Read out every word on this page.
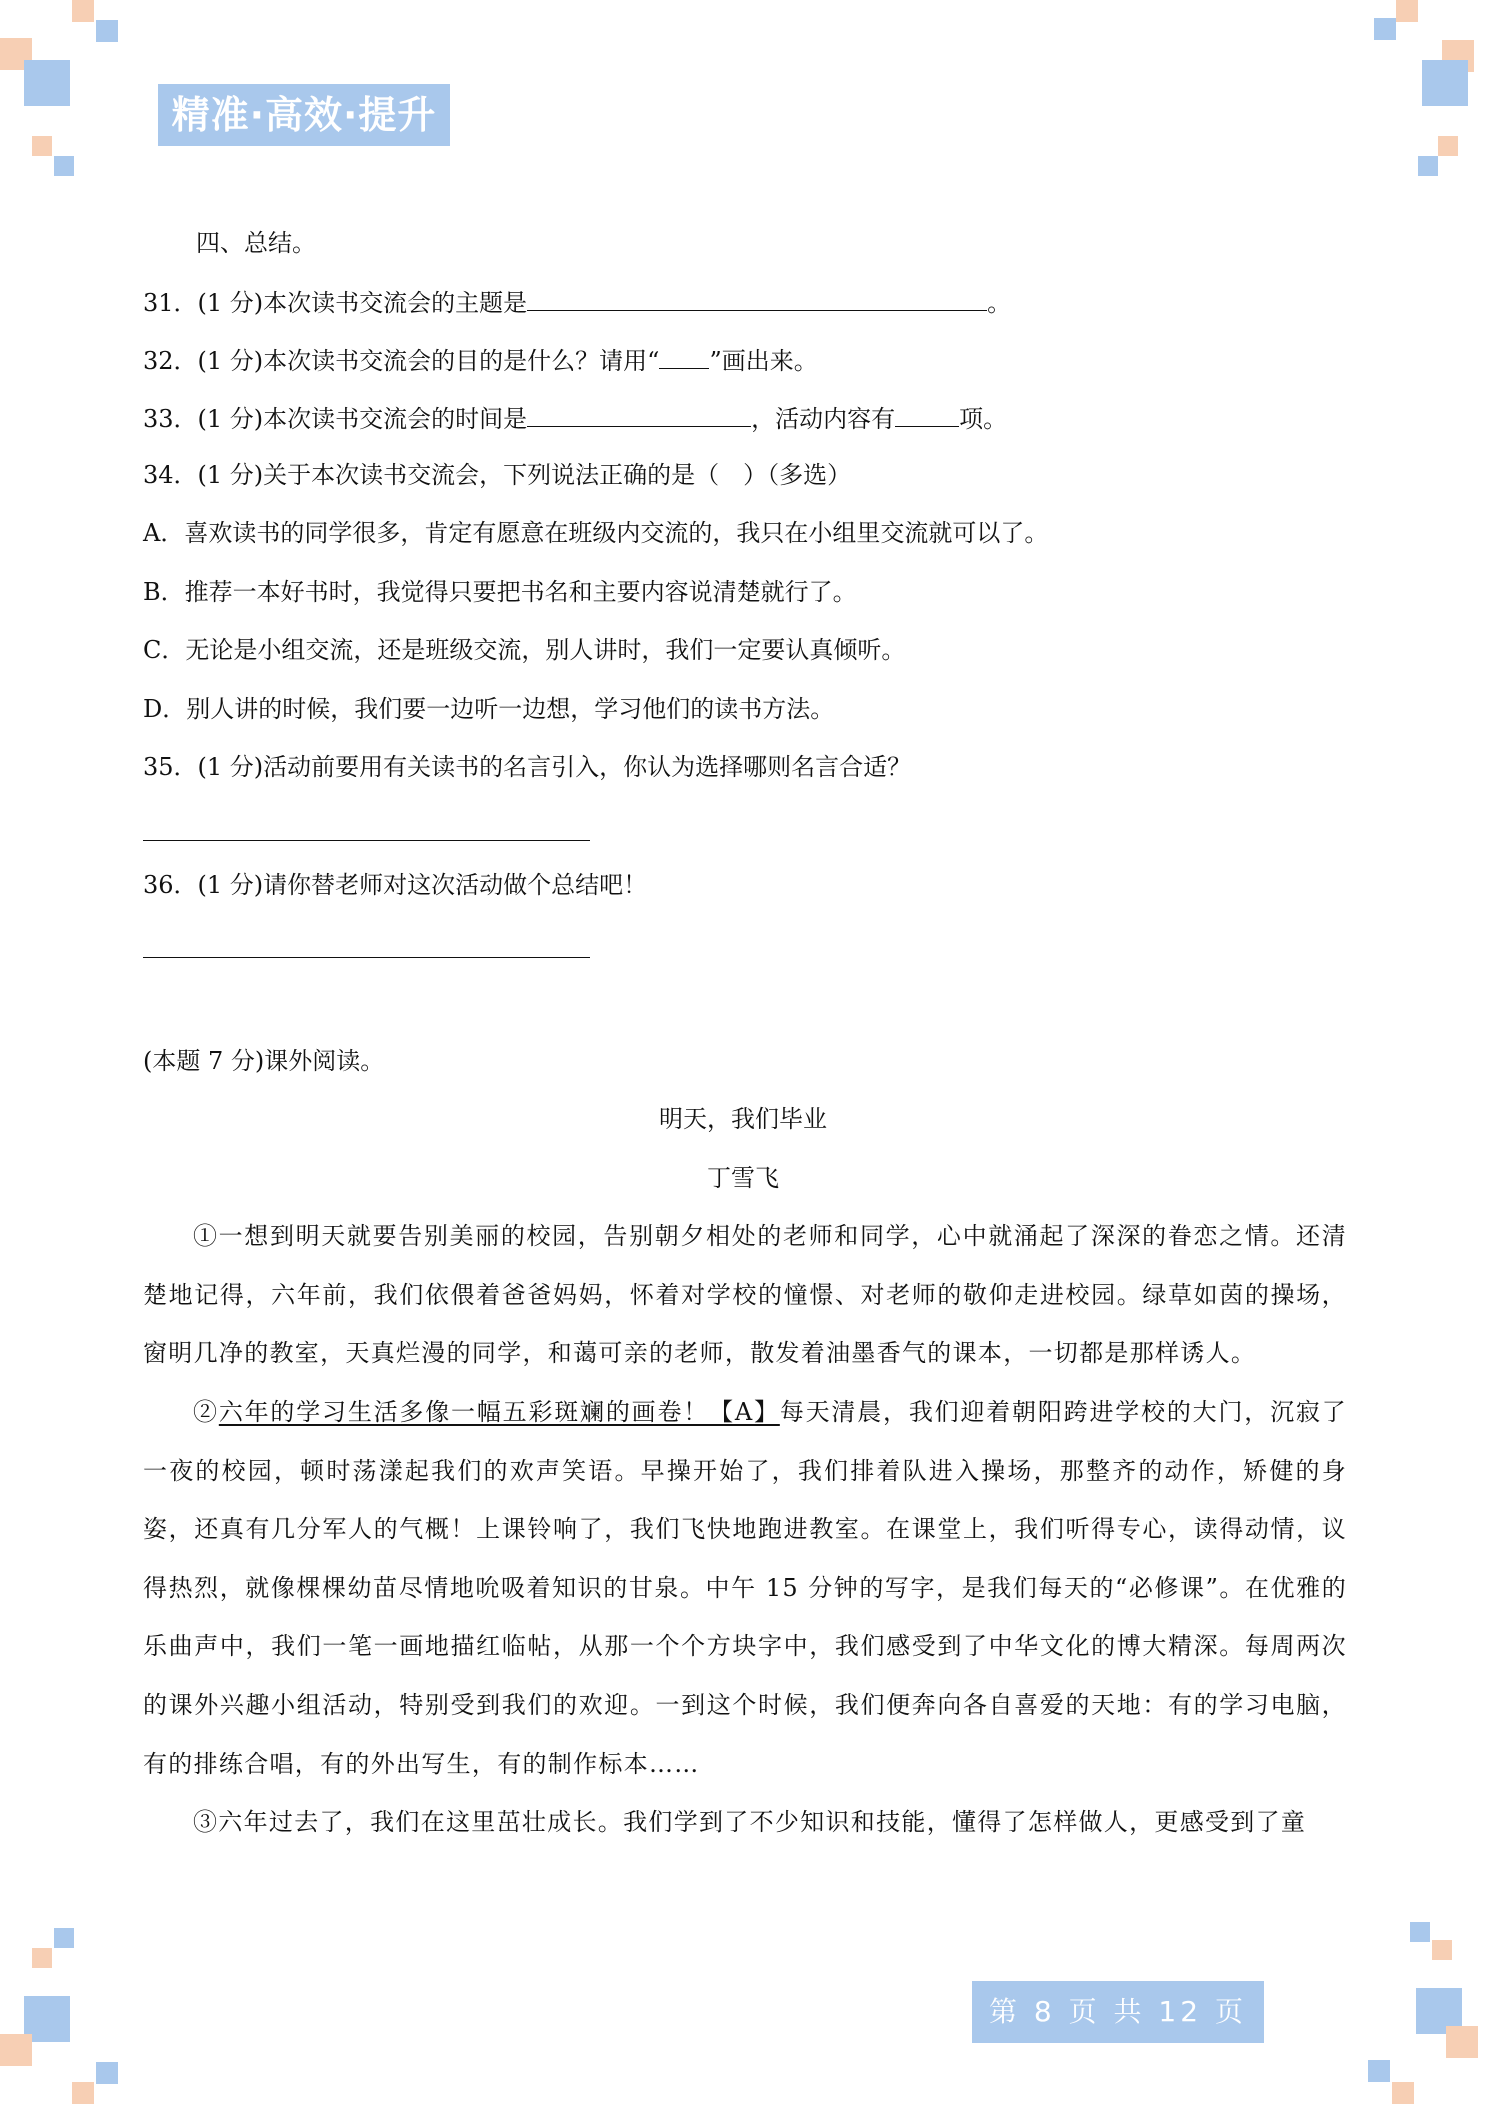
精准·高效·提升
四、总结。
31．(1 分)本次读书交流会的主题是	。
32．(1 分)本次读书交流会的目的是什么？请用“ ”画出来。
33．(1 分)本次读书交流会的时间是	，活动内容有	项。
34．(1 分)关于本次读书交流会，下列说法正确的是（　）（多选）
A．喜欢读书的同学很多，肯定有愿意在班级内交流的，我只在小组里交流就可以了。
B．推荐一本好书时，我觉得只要把书名和主要内容说清楚就行了。
C．无论是小组交流，还是班级交流，别人讲时，我们一定要认真倾听。
D．别人讲的时候，我们要一边听一边想，学习他们的读书方法。
35．(1 分)活动前要用有关读书的名言引入，你认为选择哪则名言合适？
36．(1 分)请你替老师对这次活动做个总结吧！
(本题 7 分)课外阅读。
明天，我们毕业
丁雪飞
①一想到明天就要告别美丽的校园，告别朝夕相处的老师和同学，心中就涌起了深深的眷恋之情。还清楚地记得，六年前，我们依偎着爸爸妈妈，怀着对学校的憧憬、对老师的敬仰走进校园。绿草如茵的操场，窗明几净的教室，天真烂漫的同学，和蔼可亲的老师，散发着油墨香气的课本，一切都是那样诱人。
②六年的学习生活多像一幅五彩斑斓的画卷！【A】每天清晨，我们迎着朝阳跨进学校的大门，沉寂了一夜的校园，顿时荡漾起我们的欢声笑语。早操开始了，我们排着队进入操场，那整齐的动作，矫健的身姿，还真有几分军人的气概！上课铃响了，我们飞快地跑进教室。在课堂上，我们听得专心，读得动情，议得热烈，就像棵棵幼苗尽情地吮吸着知识的甘泉。中午 15 分钟的写字，是我们每天的“必修课”。在优雅的乐曲声中，我们一笔一画地描红临帖，从那一个个方块字中，我们感受到了中华文化的博大精深。每周两次的课外兴趣小组活动，特别受到我们的欢迎。一到这个时候，我们便奔向各自喜爱的天地：有的学习电脑，有的排练合唱，有的外出写生，有的制作标本……
③六年过去了，我们在这里茁壮成长。我们学到了不少知识和技能，懂得了怎样做人，更感受到了童
第 8 页 共 12 页
